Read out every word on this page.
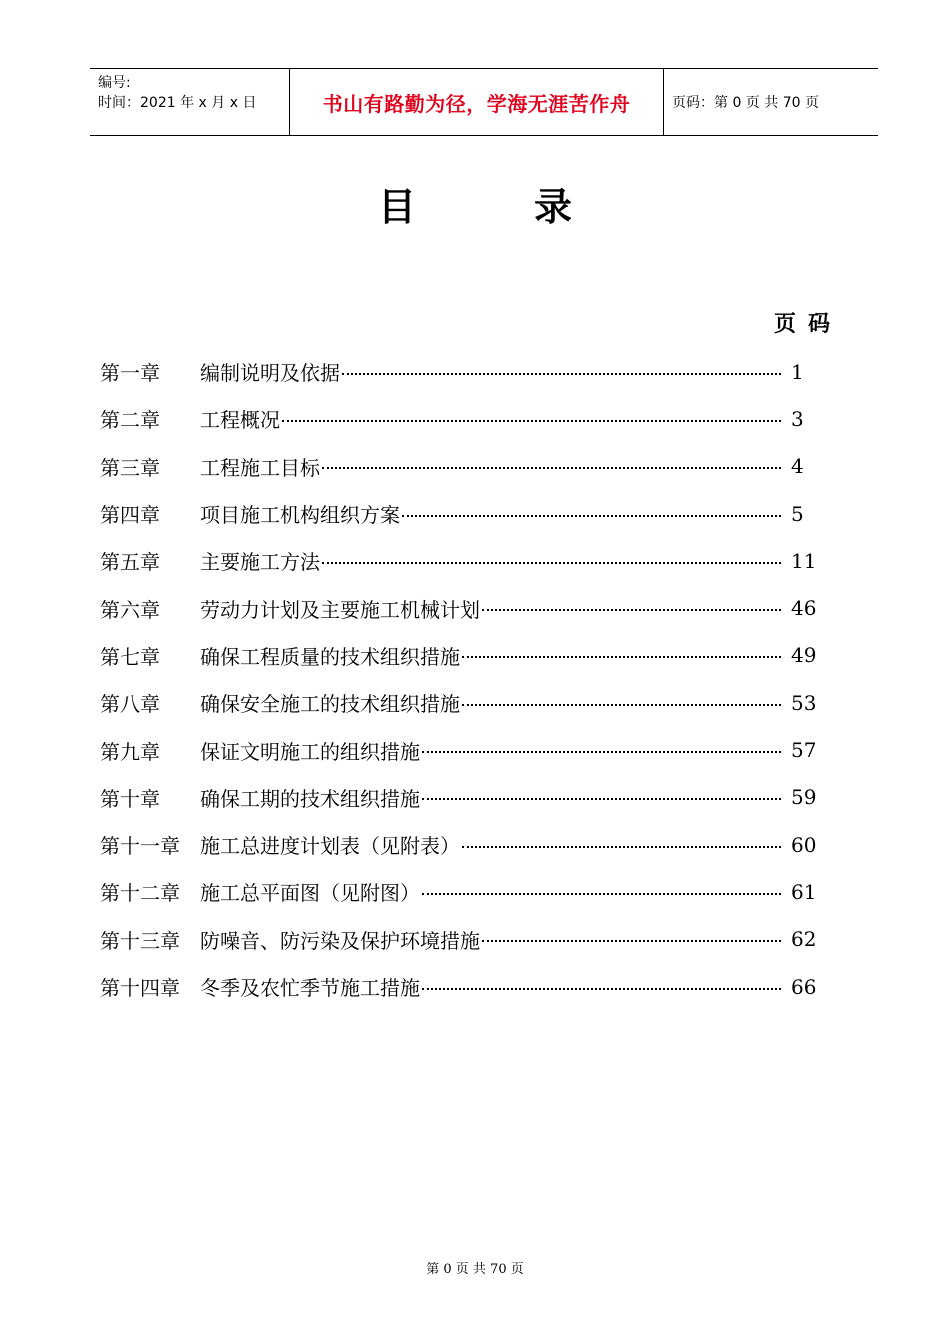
编号:
时间：2021 年 x 月 x 日	书山有路勤为径，学海无涯苦作舟	页码：第 0 页 共 70 页
目录
页码
第一章	编制说明及依据	1
第二章	工程概况	3
第三章	工程施工目标	4
第四章	项目施工机构组织方案	5
第五章	主要施工方法	11
第六章	劳动力计划及主要施工机械计划	46
第七章	确保工程质量的技术组织措施	49
第八章	确保安全施工的技术组织措施	53
第九章	保证文明施工的组织措施	57
第十章	确保工期的技术组织措施	59
第十一章	施工总进度计划表（见附表）	60
第十二章	施工总平面图（见附图）	61
第十三章	防噪音、防污染及保护环境措施	62
第十四章	冬季及农忙季节施工措施	66
第 0 页 共 70 页
